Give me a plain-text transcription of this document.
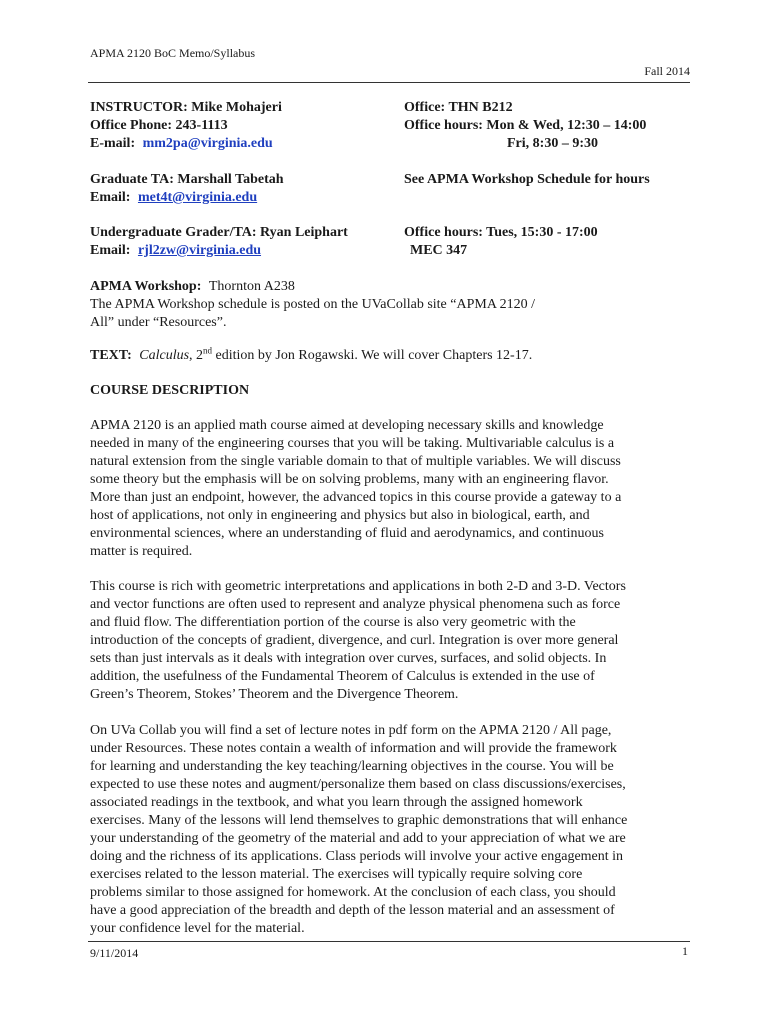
APMA 2120 BoC Memo/Syllabus
Fall 2014
INSTRUCTOR: Mike Mohajeri	Office: THN B212
Office Phone: 243-1113	Office hours: Mon & Wed, 12:30 – 14:00
E-mail: mm2pa@virginia.edu	Fri, 8:30 – 9:30
Graduate TA: Marshall Tabetah	See APMA Workshop Schedule for hours
Email: met4t@virginia.edu
Undergraduate Grader/TA: Ryan Leiphart	Office hours: Tues, 15:30 - 17:00
Email: rjl2zw@virginia.edu	MEC 347
APMA Workshop: Thornton A238
The APMA Workshop schedule is posted on the UVaCollab site “APMA 2120 /
All” under “Resources”.
TEXT: Calculus, 2nd edition by Jon Rogawski. We will cover Chapters 12-17.
COURSE DESCRIPTION
APMA 2120 is an applied math course aimed at developing necessary skills and knowledge
needed in many of the engineering courses that you will be taking. Multivariable calculus is a
natural extension from the single variable domain to that of multiple variables. We will discuss
some theory but the emphasis will be on solving problems, many with an engineering flavor.
More than just an endpoint, however, the advanced topics in this course provide a gateway to a
host of applications, not only in engineering and physics but also in biological, earth, and
environmental sciences, where an understanding of fluid and aerodynamics, and continuous
matter is required.
This course is rich with geometric interpretations and applications in both 2-D and 3-D. Vectors
and vector functions are often used to represent and analyze physical phenomena such as force
and fluid flow. The differentiation portion of the course is also very geometric with the
introduction of the concepts of gradient, divergence, and curl. Integration is over more general
sets than just intervals as it deals with integration over curves, surfaces, and solid objects. In
addition, the usefulness of the Fundamental Theorem of Calculus is extended in the use of
Green’s Theorem, Stokes’ Theorem and the Divergence Theorem.
On UVa Collab you will find a set of lecture notes in pdf form on the APMA 2120 / All page,
under Resources. These notes contain a wealth of information and will provide the framework
for learning and understanding the key teaching/learning objectives in the course. You will be
expected to use these notes and augment/personalize them based on class discussions/exercises,
associated readings in the textbook, and what you learn through the assigned homework
exercises. Many of the lessons will lend themselves to graphic demonstrations that will enhance
your understanding of the geometry of the material and add to your appreciation of what we are
doing and the richness of its applications. Class periods will involve your active engagement in
exercises related to the lesson material. The exercises will typically require solving core
problems similar to those assigned for homework. At the conclusion of each class, you should
have a good appreciation of the breadth and depth of the lesson material and an assessment of
your confidence level for the material.
9/11/2014	1
